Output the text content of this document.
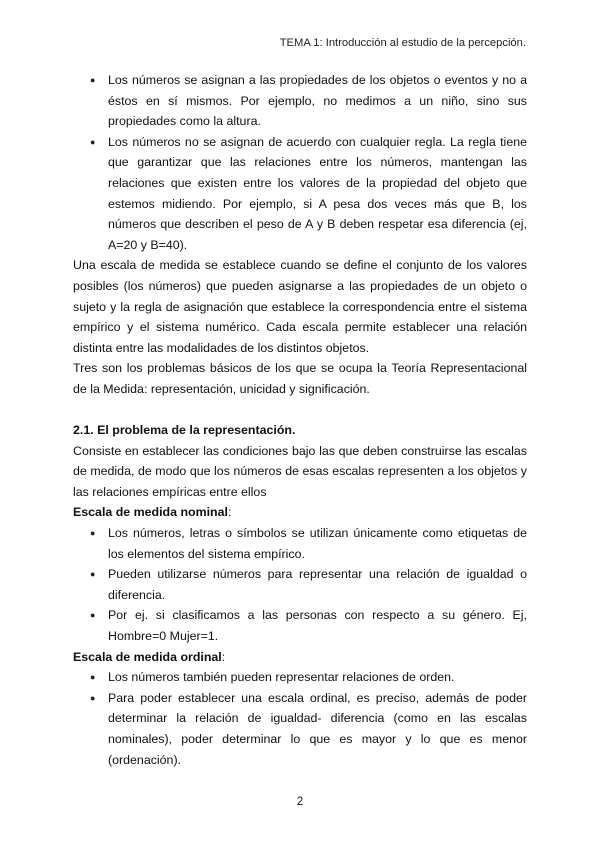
TEMA 1: Introducción al estudio de la percepción.
● Los números se asignan a las propiedades de los objetos o eventos y no a éstos en sí mismos. Por ejemplo, no medimos a un niño, sino sus propiedades como la altura.
● Los números no se asignan de acuerdo con cualquier regla. La regla tiene que garantizar que las relaciones entre los números, mantengan las relaciones que existen entre los valores de la propiedad del objeto que estemos midiendo. Por ejemplo, si A pesa dos veces más que B, los números que describen el peso de A y B deben respetar esa diferencia (ej, A=20 y B=40).

Una escala de medida se establece cuando se define el conjunto de los valores posibles (los números) que pueden asignarse a las propiedades de un objeto o sujeto y la regla de asignación que establece la correspondencia entre el sistema empírico y el sistema numérico. Cada escala permite establecer una relación distinta entre las modalidades de los distintos objetos.

Tres son los problemas básicos de los que se ocupa la Teoría Representacional de la Medida: representación, unicidad y significación.

2.1. El problema de la representación.

Consiste en establecer las condiciones bajo las que deben construirse las escalas de medida, de modo que los números de esas escalas representen a los objetos y las relaciones empíricas entre ellos

Escala de medida nominal:

● Los números, letras o símbolos se utilizan únicamente como etiquetas de los elementos del sistema empírico.
● Pueden utilizarse números para representar una relación de igualdad o diferencia.
● Por ej. si clasificamos a las personas con respecto a su género. Ej, Hombre=0 Mujer=1.

Escala de medida ordinal:

● Los números también pueden representar relaciones de orden.
● Para poder establecer una escala ordinal, es preciso, además de poder determinar la relación de igualdad- diferencia (como en las escalas nominales), poder determinar lo que es mayor y lo que es menor (ordenación).
2
